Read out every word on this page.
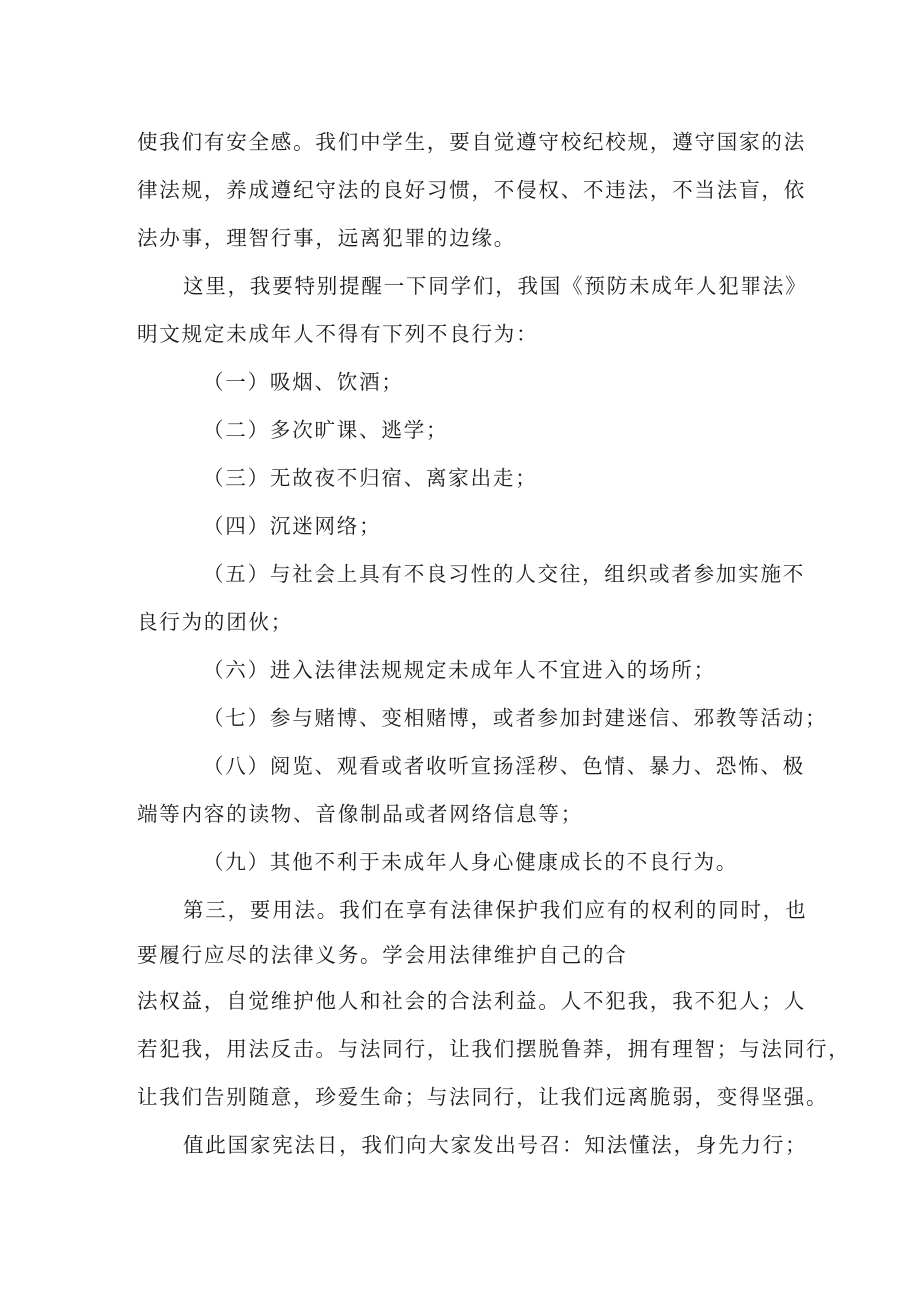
使我们有安全感。我们中学生，要自觉遵守校纪校规，遵守国家的法
律法规，养成遵纪守法的良好习惯，不侵权、不违法，不当法盲，依
法办事，理智行事，远离犯罪的边缘。
这里，我要特别提醒一下同学们，我国《预防未成年人犯罪法》
明文规定未成年人不得有下列不良行为：
（一）吸烟、饮酒；
（二）多次旷课、逃学；
（三）无故夜不归宿、离家出走；
（四）沉迷网络；
（五）与社会上具有不良习性的人交往，组织或者参加实施不
良行为的团伙；
（六）进入法律法规规定未成年人不宜进入的场所；
（七）参与赌博、变相赌博，或者参加封建迷信、邪教等活动；
（八）阅览、观看或者收听宣扬淫秽、色情、暴力、恐怖、极
端等内容的读物、音像制品或者网络信息等；
（九）其他不利于未成年人身心健康成长的不良行为。
第三，要用法。我们在享有法律保护我们应有的权利的同时，也
要履行应尽的法律义务。学会用法律维护自己的合
法权益，自觉维护他人和社会的合法利益。人不犯我，我不犯人；人
若犯我，用法反击。与法同行，让我们摆脱鲁莽，拥有理智；与法同行，
让我们告别随意，珍爱生命；与法同行，让我们远离脆弱，变得坚强。
值此国家宪法日，我们向大家发出号召：知法懂法，身先力行；
